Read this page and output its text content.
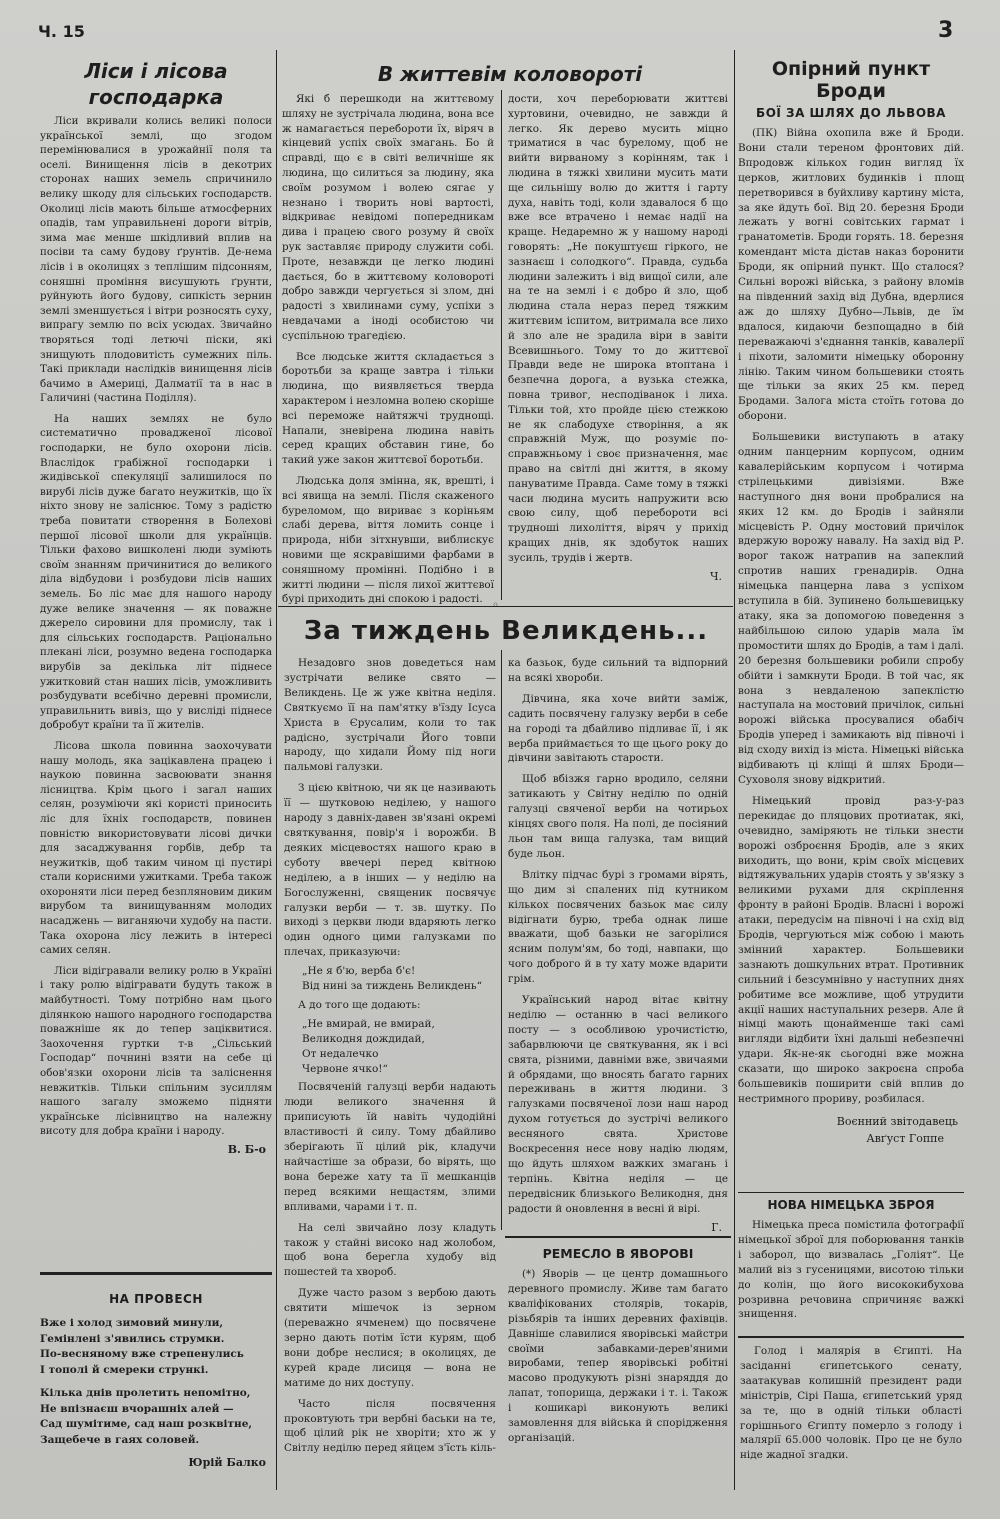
Ч. 15	3
◦
Ліси і лісова господарка

Ліси вкривали колись великі полоси української землі, що згодом перемінювалися в урожайнії поля та оселі. Винищення лісів в декотрих сторонах наших земель спричинило велику шкоду для сільських господарств. Околиці лісів мають більше атмосферних опадів, там управильнені дороги вітрів, зима має менше шкідливий вплив на посіви та саму будову ґрунтів. Де-нема лісів і в околицях з теплішим підсонням, соняшні проміння висушують ґрунти, руйнують його будову, сипкість зернин землі зменшується і вітри розносять суху, випрагу землю по всіх усюдах. Звичайно творяться тоді летючі піски, які знищують плодовитість сумежних піль. Такі приклади наслідків винищення лісів бачимо в Америці, Далматії та в нас в Галичині (частина Поділля).

На наших землях не було систематично провадженої лісової господарки, не було охорони лісів. Власлідок грабіжної господарки і жидівської спекуляції залишилося по вирубі лісів дуже багато неужитків, що їх ніхто знову не заліснює. Тому з радістю треба повитати створення в Болехові першої лісової школи для українців. Тільки фахово вишколені люди зуміють своїм знанням причинитися до великого діла відбудови і розбудови лісів наших земель. Бо ліс має для нашого народу дуже велике значення — як поважне джерело сировини для промислу, так і для сільських господарств. Раціонально плекані ліси, розумно ведена господарка вирубів за декілька літ піднесе ужитковий стан наших лісів, уможливить розбудувати всебічно деревні промисли, управильнить вивіз, що у висліді піднесе добробут країни та її жителів.

Лісова школа повинна заохочувати нашу молодь, яка зацікавлена працею і наукою повинна засвоювати знання лісництва. Крім цього і загал наших селян, розуміючи які користі приносить ліс для їхніх господарств, повинен повністю використовувати лісові дички для засаджування горбів, дебр та неужитків, щоб таким чином ці пустирі стали корисними ужитками. Треба також охороняти ліси перед безпляновим диким вирубом та винищуванням молодих насаджень — виганяючи худобу на пасти. Така охорона лісу лежить в інтересі самих селян.

Ліси відігравали велику ролю в Україні і таку ролю відігравати будуть також в майбутності. Тому потрібно нам цього ділянкою нашого народного господарства поважніше як до тепер заціквитися. Заохочення гуртки т-в „Сільський Господар“ почнині взяти на себе ці обов'язки охорони лісів та заліснення невжитків. Тільки спільним зусиллям нашого загалу зможемо підняти українське лісівництво на належну висоту для добра країни і народу.

В. Б-о
НА ПРОВЕСН
Вже і холод зимовий минули,
Гемінлені з'явились струмки.
По-весняному вже стрепенулись
І тополі й смереки стрункі.
Кілька днів пролетить непомітно,
Не впізнаєш вчорашніх алей —
Сад шумітиме, сад наш розквітне,
Защебече в гаях соловей.
Юрій Балко
В життевім коловороті

Які б перешкоди на життєвому шляху не зустрічала людина, вона все ж намагається перебороти їх, віряч в кінцевий успіх своїх змагань. Бо й справді, що є в світі величніше як людина, що силиться за людину, яка своїм розумом і волею сягає у незнано і творить нові вартості, відкриває невідомі попередникам дива і працею свого розуму й своїх рук заставляє природу служити собі. Проте, незавжди це легко людині дається, бо в життєвому коловороті добро завжди чергується зі злом, дні радості з хвилинами суму, успіхи з невдачами а іноді особистою чи суспільною трагедією.

Все людське життя складається з боротьби за краще завтра і тільки людина, що виявляється тверда характером і незломна волею скоріше всі переможе найтяжчі труднощі. Напали, зневірена людина навіть серед кращих обставин гине, бо такий уже закон життєвої боротьби.

Людська доля змінна, як, врешті, і всі явища на землі. Після скаженого буреломом, що вириває з коріньям слабі дерева, віття ломить сонце і природа, ніби зітхнувши, виблискує новими ще яскравішими фарбами в соняшному промінні. Подібно і в житті людини — після лихої життєвої бурі приходить дні спокою і радості.

дости, хоч переборювати життєві хуртовини, очевидно, не завжди й легко. Як дерево мусить міцно триматися в час бурелому, щоб не вийти вирваному з корінням, так і людина в тяжкі хвилини мусить мати ще сильнішу волю до життя і гарту духа, навіть тоді, коли здавалося б що вже все втрачено і немає надії на краще. Недаремно ж у нашому народі говорять: „Не покуштуєш гіркого, не зазнаєш і солодкого“. Правда, судьба людини залежить і від вищої сили, але на те на землі і є добро й зло, щоб людина стала нераз перед тяжким життєвим іспитом, витримала все лихо й зло але не зрадила віри в завіти Всевишнього. Тому то до життєвої Правди веде не широка втоптана і безпечна дорога, а вузька стежка, повна тривог, несподіванок і лиха. Тільки той, хто пройде цією стежкою не як слабодухе створіння, а як справжній Муж, що розуміє по-справжньому і своє призначення, має право на світлі дні життя, в якому пануватиме Правда. Саме тому в тяжкі часи людина мусить напружити всю свою силу, щоб перебороти всі трудноші лихоліття, віряч у прихід кращих днів, як здобуток наших зусиль, трудів і жертв.

Ч.
За тиждень Великдень...

Незадовго знов доведеться нам зустрічати велике свято — Великдень. Це ж уже квітна неділя. Святкуємо її на пам'ятку в'їзду Ісуса Христа в Єрусалим, коли то так радісно, зустрічали Його товпи народу, що хидали Йому під ноги пальмові галузки.

З цією квітною, чи як це називають її — шутковою неділею, у нашого народу з давніх-давен зв'язані окремі святкування, повір'я і ворожби. В деяких місцевостях нашого краю в суботу ввечері перед квітною неділею, а в інших — у неділю на Богослуженні, священик посвячує галузки верби — т. зв. шутку. По виході з церкви люди вдаряють легко один одного цими галузками по плечах, приказуючи:

„Не я б'ю, верба б'є!
Від нині за тиждень Великдень“

А до того ще додають:

„Не вмирай, не вмирай,
Великодня дождидай,
От недалечко
Червоне ячко!“

Посвяченій галузці верби надають люди великого значення й приписують їй навіть чудодійні властивості й силу. Тому дбайливо зберігають її цілий рік, кладучи найчастіше за образи, бо вірять, що вона береже хату та її мешканців перед всякими нещастям, злими впливами, чарами і т. п.

На селі звичайно лозу кладуть також у стайні високо над жолобом, щоб вона берегла худобу від пошестей та хвороб.

Дуже часто разом з вербою дають святити мішечок із зерном (переважно ячменем) що посвячене зерно дають потім їсти курям, щоб вони добре неслися; в околицях, де курей краде лисиця — вона не матиме до них доступу.

Часто після посвячення проковтують три вербні баськи на те, щоб цілий рік не хворіти; хто ж у Світлу неділю перед яйцем з'їсть кіль-

ка базьок, буде сильний та відпорний на всякі хвороби.

Дівчина, яка хоче вийти заміж, садить посвячену галузку верби в себе на городі та дбайливо підливає її, і як верба приймається то ще цього року до дівчини завітають старости.

Щоб вбізжя гарно вродило, селяни затикають у Світну неділю по одній галузці свяченої верби на чотирьох кінцях свого поля. На полі, де посіяний льон там вища галузка, там вищий буде льон.

Влітку підчас бурі з громами вірять, що дим зі спалених під кутником кількох посвячених базьок має силу відігнати бурю, треба однак лише вважати, щоб базьки не загорілися ясним полум'ям, бо тоді, навпаки, що чого доброго й в ту хату може вдарити грім.

Український народ вітає квітну неділю — останню в часі великого посту — з особливою урочистістю, забарвлюючи це святкування, як і всі свята, різними, давніми вже, звичаями й обрядами, що вносять багато гарних переживань в життя людини. З галузками посвяченої лози наш народ духом готується до зустрічі великого весняного свята. Христове Воскресення несе нову надію людям, що йдуть шляхом важких змагань і терпінь. Квітна неділя — це передвісник близького Великодня, дня радости й оновлення в весні й вірі.

Г.
РЕМЕСЛО В ЯВОРОВІ

(*) Яворів — це центр домашнього деревного промислу. Живе там багато кваліфікованих столярів, токарів, різьбярів та інших деревних фахівців. Давніше славилися яворівські майстри своїми забавками-дерев'яними виробами, тепер яворівські робітні масово продукують різні знаряддя до лапат, топорища, держаки і т. і. Також і кошикарі виконують великі замовлення для війська й спорідження організацій.

Опірний пункт Броди
БОЇ ЗА ШЛЯХ ДО ЛЬВОВА

(ПК) Війна охопила вже й Броди. Вони стали тереном фронтових дій. Впродовж кількох годин вигляд їх церков, житлових будинків і площ перетворився в буйхливу картину міста, за яке йдуть бої. Від 20. березня Броди лежать у вогні совітських гармат і гранатометів. Броди горять. 18. березня комендант міста дістав наказ боронити Броди, як опірний пункт. Що сталося? Сильні ворожі війська, з району вломів на південний захід від Дубна, вдерлися аж до шляху Дубно—Львів, де їм вдалося, кидаючи безпощадно в бій переважаючі з'єднання танків, кавалерії і піхоти, заломити німецьку оборонну лінію. Таким чином большевики стоять ще тільки за яких 25 км. перед Бродами. Залога міста стоїть готова до оборони.

Большевики виступають в атаку одним панцерним корпусом, одним кавалерійським корпусом і чотирма стрілецькими дивізіями. Вже наступного дня вони пробралися на яких 12 км. до Бродів і зайняли місцевість Р. Одну мостовий причілок вдержую ворожу навалу. На захід від Р. ворог також натрапив на запеклий спротив наших гренадирів. Одна німецька панцерна лава з успіхом вступила в бій. Зупинено большевицьку атаку, яка за допомогою поведення з найбільшою силою ударів мала їм промостити шлях до Бродів, а там і далі. 20 березня большевики робили спробу обійти і замкнути Броди. В той час, як вона з невдаленою запеклістю наступала на мостовий причілок, сильні ворожі війська просувалися обабіч Бродів уперед і замикають від півночі і від сходу вихід із міста. Німецькі війська відбивають ці кліщі й шлях Броди—Суховоля знову відкритий.

Німецький провід раз-у-раз перекидає до пляцових протиатак, які, очевидно, заміряють не тільки знести ворожі озброєння Бродів, але з яких виходить, що вони, крім своїх місцевих відтяжувальних ударів стоять у зв'язку з великими рухами для скріплення фронту в районі Бродів. Власні і ворожі атаки, передусім на півночі і на схід від Бродів, чергуються між собою і мають змінний характер. Большевики зазнають дошкульних втрат. Противник сильний і безсумнівно у наступних днях робитиме все можливе, щоб утрудити акції наших наступальних резерв. Але й німці мають щонайменше такі самі вигляди відбити їхні дальші небезпечні удари. Як-не-як сьогодні вже можна сказати, що широко закроєна спроба большевиків поширити свій вплив до нестримного прориву, розбилася.

Воєнний звітодавець
Авґуст Гоппе
НОВА НІМЕЦЬКА ЗБРОЯ

Німецька преса помістила фотографії німецької зброї для поборювання танків і заборол, що визвалась „Голіят“. Це малий віз з гусеницями, висотою тільки до колін, що його висококибухова розривна речовина спричиняє важкі знищення.

Голод і малярія в Єгипті. На засіданні єгипетського сенату, заатакував колишній президент ради міністрів, Сірі Паша, єгипетський уряд за те, що в одній тільки області горішнього Єгипту померло з голоду і малярії 65.000 чоловік. Про це не було ніде жадної згадки.
